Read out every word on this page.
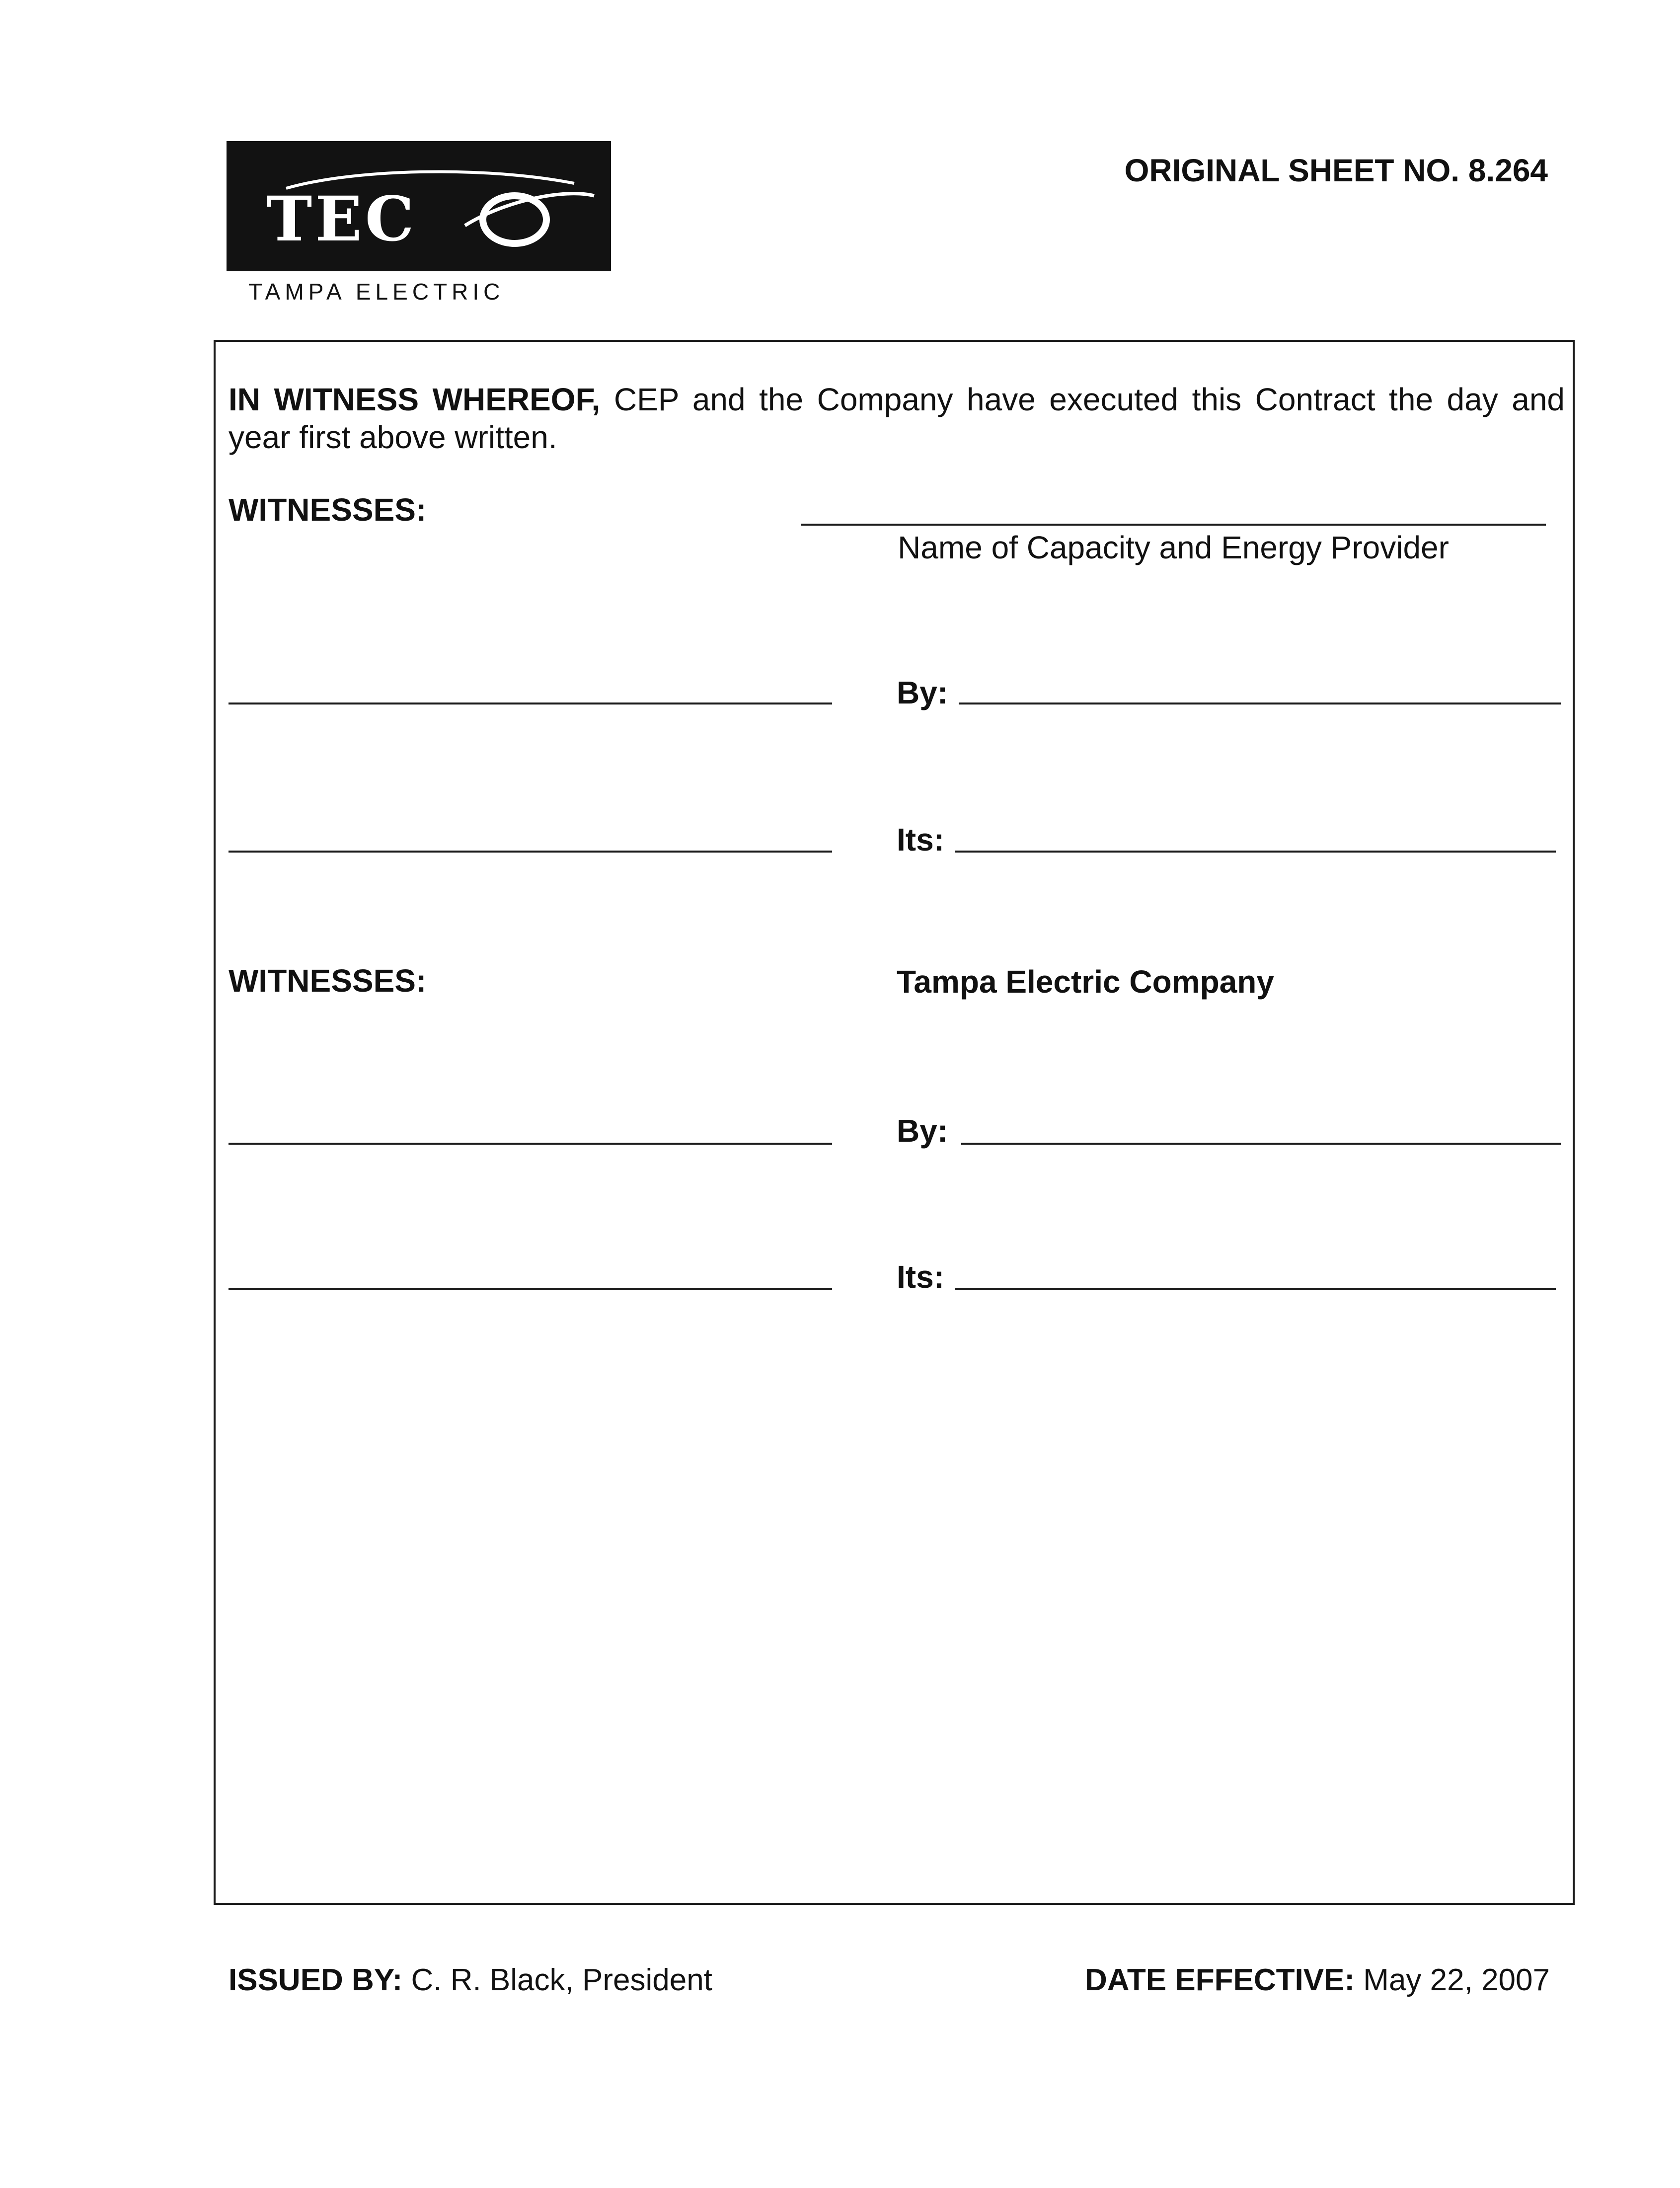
TEC
TAMPA ELECTRIC
ORIGINAL SHEET NO. 8.264
IN WITNESS WHEREOF, CEP and the Company have executed this Contract the day and year first above written.
WITNESSES:
Name of Capacity and Energy Provider
By:
Its:
WITNESSES:	Tampa Electric Company
By:
Its:
ISSUED BY: C. R. Black, President	DATE EFFECTIVE: May 22, 2007
